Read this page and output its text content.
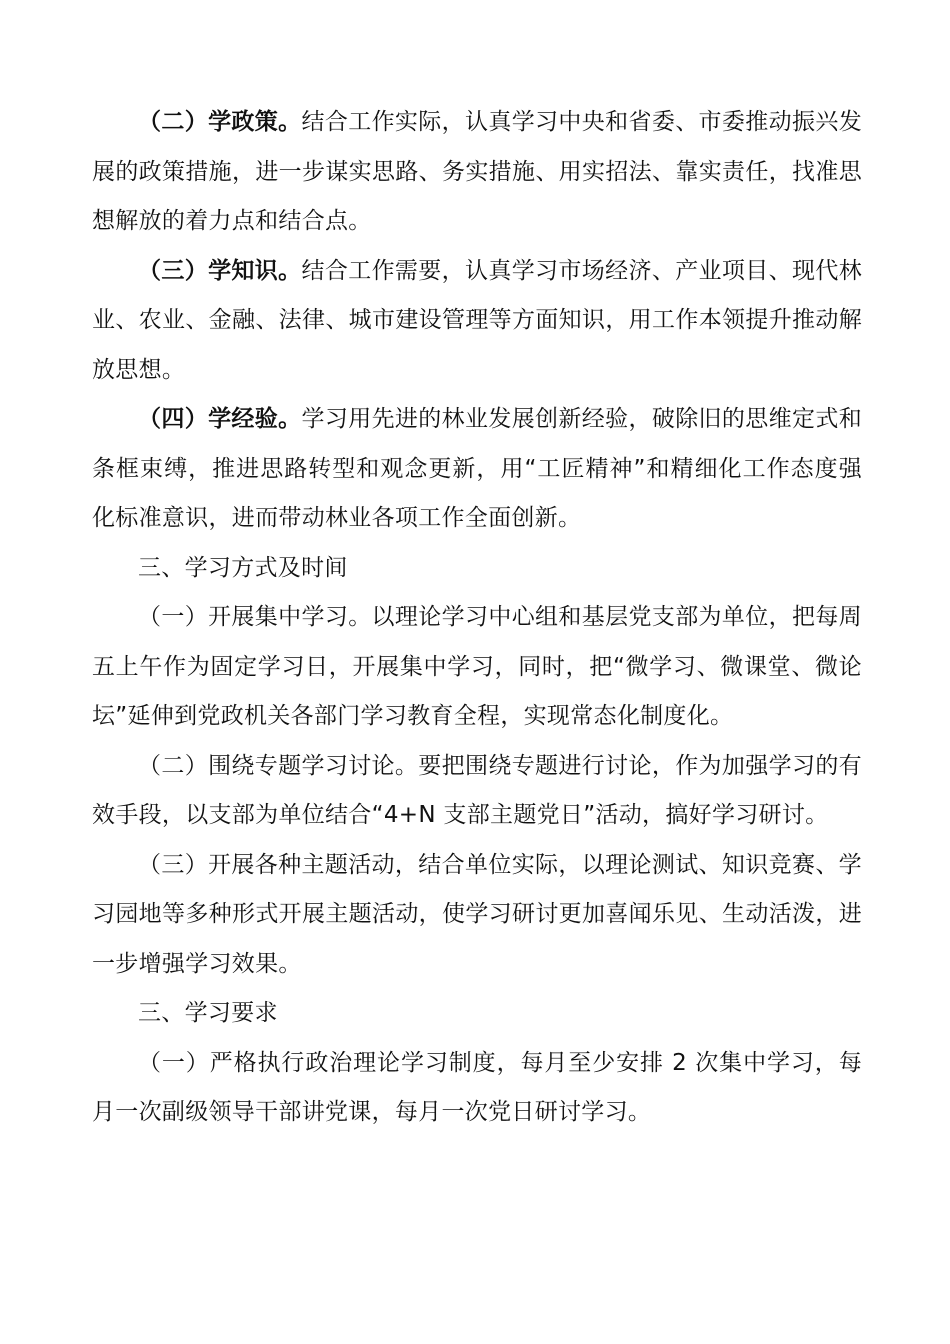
（二）学政策。结合工作实际，认真学习中央和省委、市委推动振兴发展的政策措施，进一步谋实思路、务实措施、用实招法、靠实责任，找准思想解放的着力点和结合点。

（三）学知识。结合工作需要，认真学习市场经济、产业项目、现代林业、农业、金融、法律、城市建设管理等方面知识，用工作本领提升推动解放思想。

（四）学经验。学习用先进的林业发展创新经验，破除旧的思维定式和条框束缚，推进思路转型和观念更新，用“工匠精神”和精细化工作态度强化标准意识，进而带动林业各项工作全面创新。

三、学习方式及时间

（一）开展集中学习。以理论学习中心组和基层党支部为单位，把每周五上午作为固定学习日，开展集中学习，同时，把“微学习、微课堂、微论坛”延伸到党政机关各部门学习教育全程，实现常态化制度化。

（二）围绕专题学习讨论。要把围绕专题进行讨论，作为加强学习的有效手段，以支部为单位结合“4+N 支部主题党日”活动，搞好学习研讨。

（三）开展各种主题活动，结合单位实际，以理论测试、知识竞赛、学习园地等多种形式开展主题活动，使学习研讨更加喜闻乐见、生动活泼，进一步增强学习效果。

三、学习要求

（一）严格执行政治理论学习制度，每月至少安排 2 次集中学习，每月一次副级领导干部讲党课，每月一次党日研讨学习。
